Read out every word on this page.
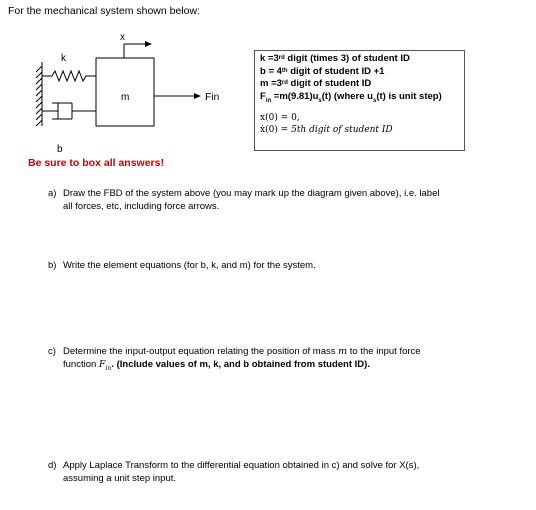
For the mechanical system shown below:
x
k
m
b
Fin
k =3rd digit (times 3) of student ID
b = 4th digit of student ID +1
m =3rd digit of student ID
$F_{in} =m(9.81)u_s(t)$ (where $u_s(t)$ is unit step)
x(0) = 0,
ẋ(0) = 5th digit of student ID
Be sure to box all answers!
a) Draw the FBD of the system above (you may mark up the diagram given above), i.e. label
all forces, etc, including force arrows.
b) Write the element equations (for b, k, and m) for the system.
c) Determine the input-output equation relating the position of mass m to the input force
function $F_{in}$. (Include values of m, k, and b obtained from student ID).
d) Apply Laplace Transform to the differential equation obtained in c) and solve for X(s),
assuming a unit step input.
